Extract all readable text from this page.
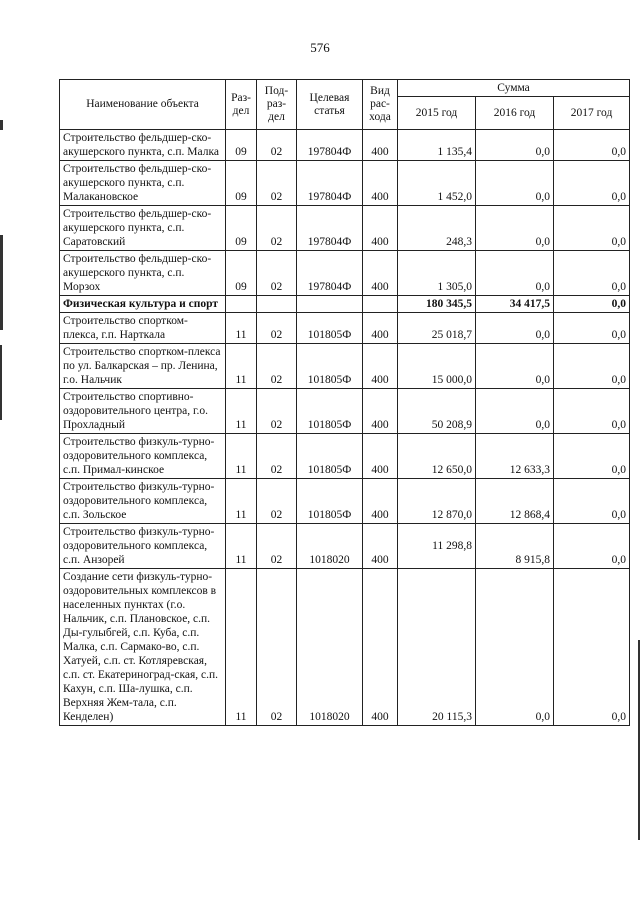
576
Наименование объекта	Раз-дел	Под-раз-дел	Целевая статья	Вид рас-хода	Сумма		
					2015 год	2016 год	2017 год
Строительство фельдшер-ско-акушерского пункта, с.п. Малка	09	02	197804Ф	400	1 135,4	0,0	0,0
Строительство фельдшер-ско-акушерского пункта, с.п. Малакановское	09	02	197804Ф	400	1 452,0	0,0	0,0
Строительство фельдшер-ско-акушерского пункта, с.п. Саратовский	09	02	197804Ф	400	248,3	0,0	0,0
Строительство фельдшер-ско-акушерского пункта, с.п. Морзох	09	02	197804Ф	400	1 305,0	0,0	0,0
Физическая культура и спорт					180 345,5	34 417,5	0,0
Строительство спортком-плекса, г.п. Нарткала	11	02	101805Ф	400	25 018,7	0,0	0,0
Строительство спортком-плекса по ул. Балкарская – пр. Ленина, г.о. Нальчик	11	02	101805Ф	400	15 000,0	0,0	0,0
Строительство спортивно-оздоровительного центра, г.о. Прохладный	11	02	101805Ф	400	50 208,9	0,0	0,0
Строительство физкуль-турно-оздоровительного комплекса, с.п. Примал-кинское	11	02	101805Ф	400	12 650,0	12 633,3	0,0
Строительство физкуль-турно-оздоровительного комплекса, с.п. Зольское	11	02	101805Ф	400	12 870,0	12 868,4	0,0
Строительство физкуль-турно-оздоровительного комплекса, с.п. Анзорей	11	02	1018020	400	11 298,8	8 915,8	0,0
Создание сети физкуль-турно-оздоровительных комплексов в населенных пунктах (г.о. Нальчик, с.п. Плановское, с.п. Ды-гулыбгей, с.п. Куба, с.п. Малка, с.п. Сармако-во, с.п. Хатуей, с.п. ст. Котляревская, с.п. ст. Екатериноград-ская, с.п. Кахун, с.п. Ша-лушка, с.п. Верхняя Жем-тала, с.п. Кенделен)	11	02	1018020	400	20 115,3	0,0	0,0
